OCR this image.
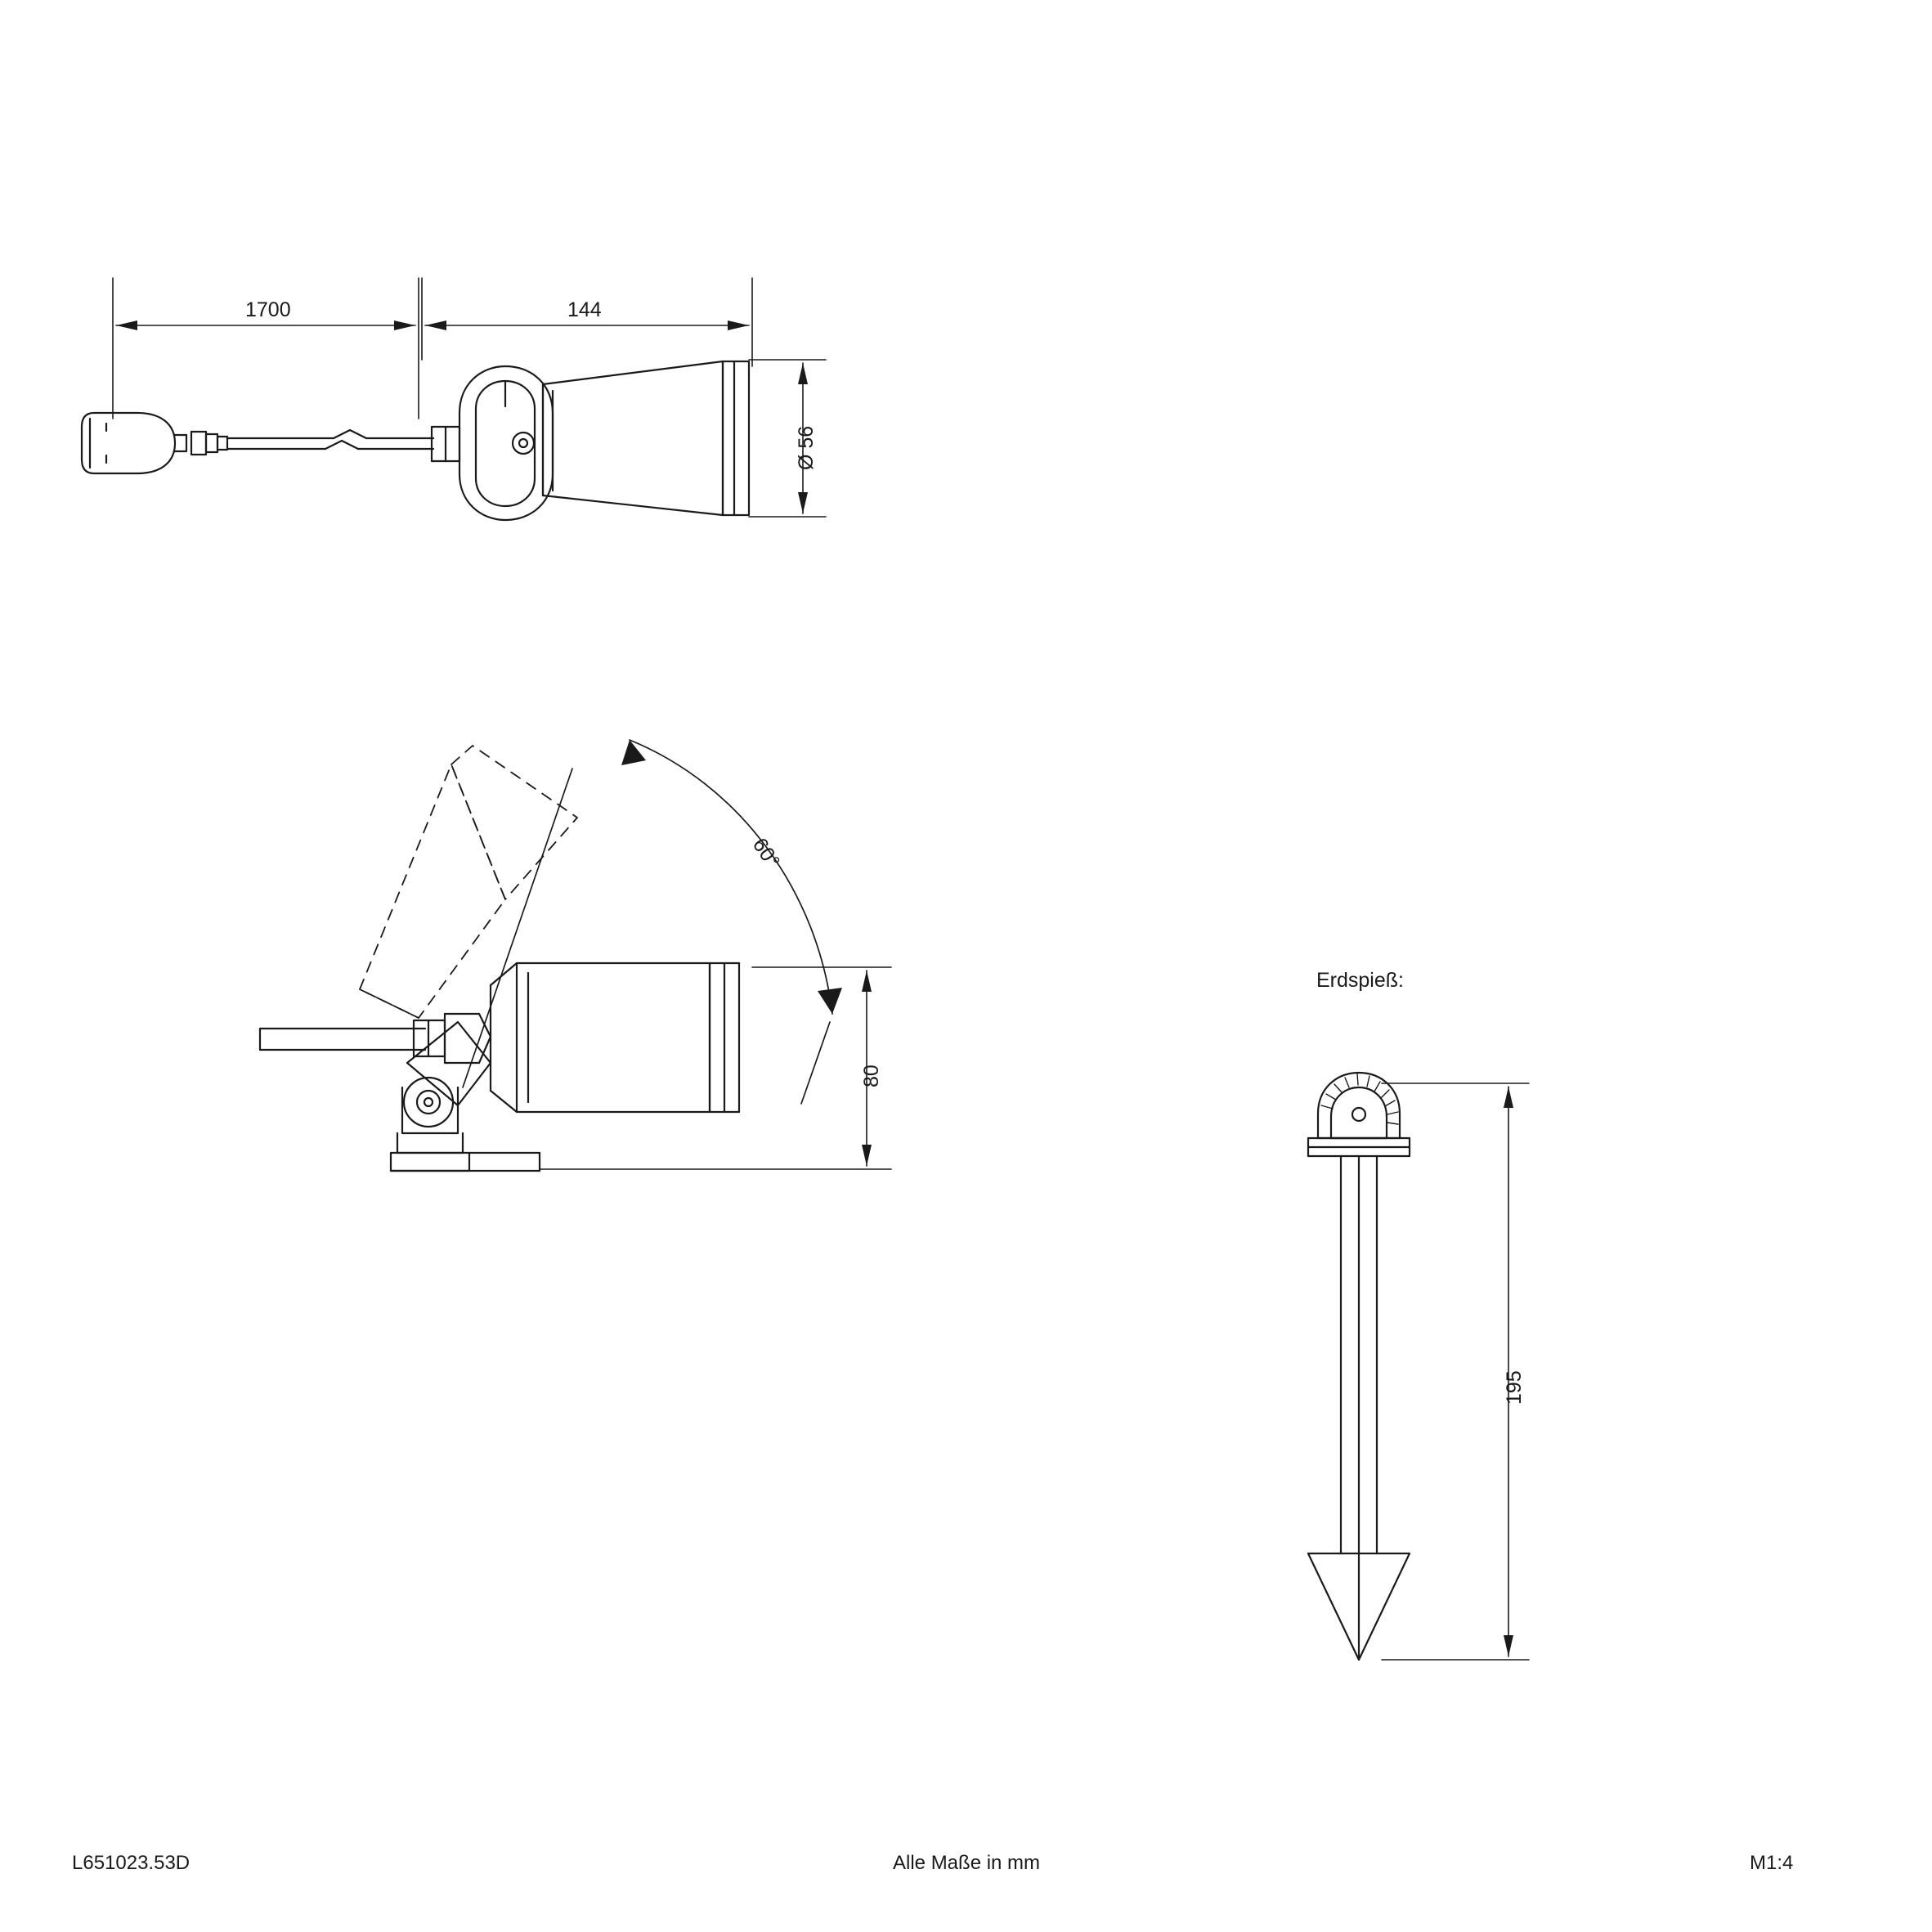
1700	144
Ø 56
60°
80
Erdspieß:
195
L651023.53D	Alle Maße in mm	M1:4
